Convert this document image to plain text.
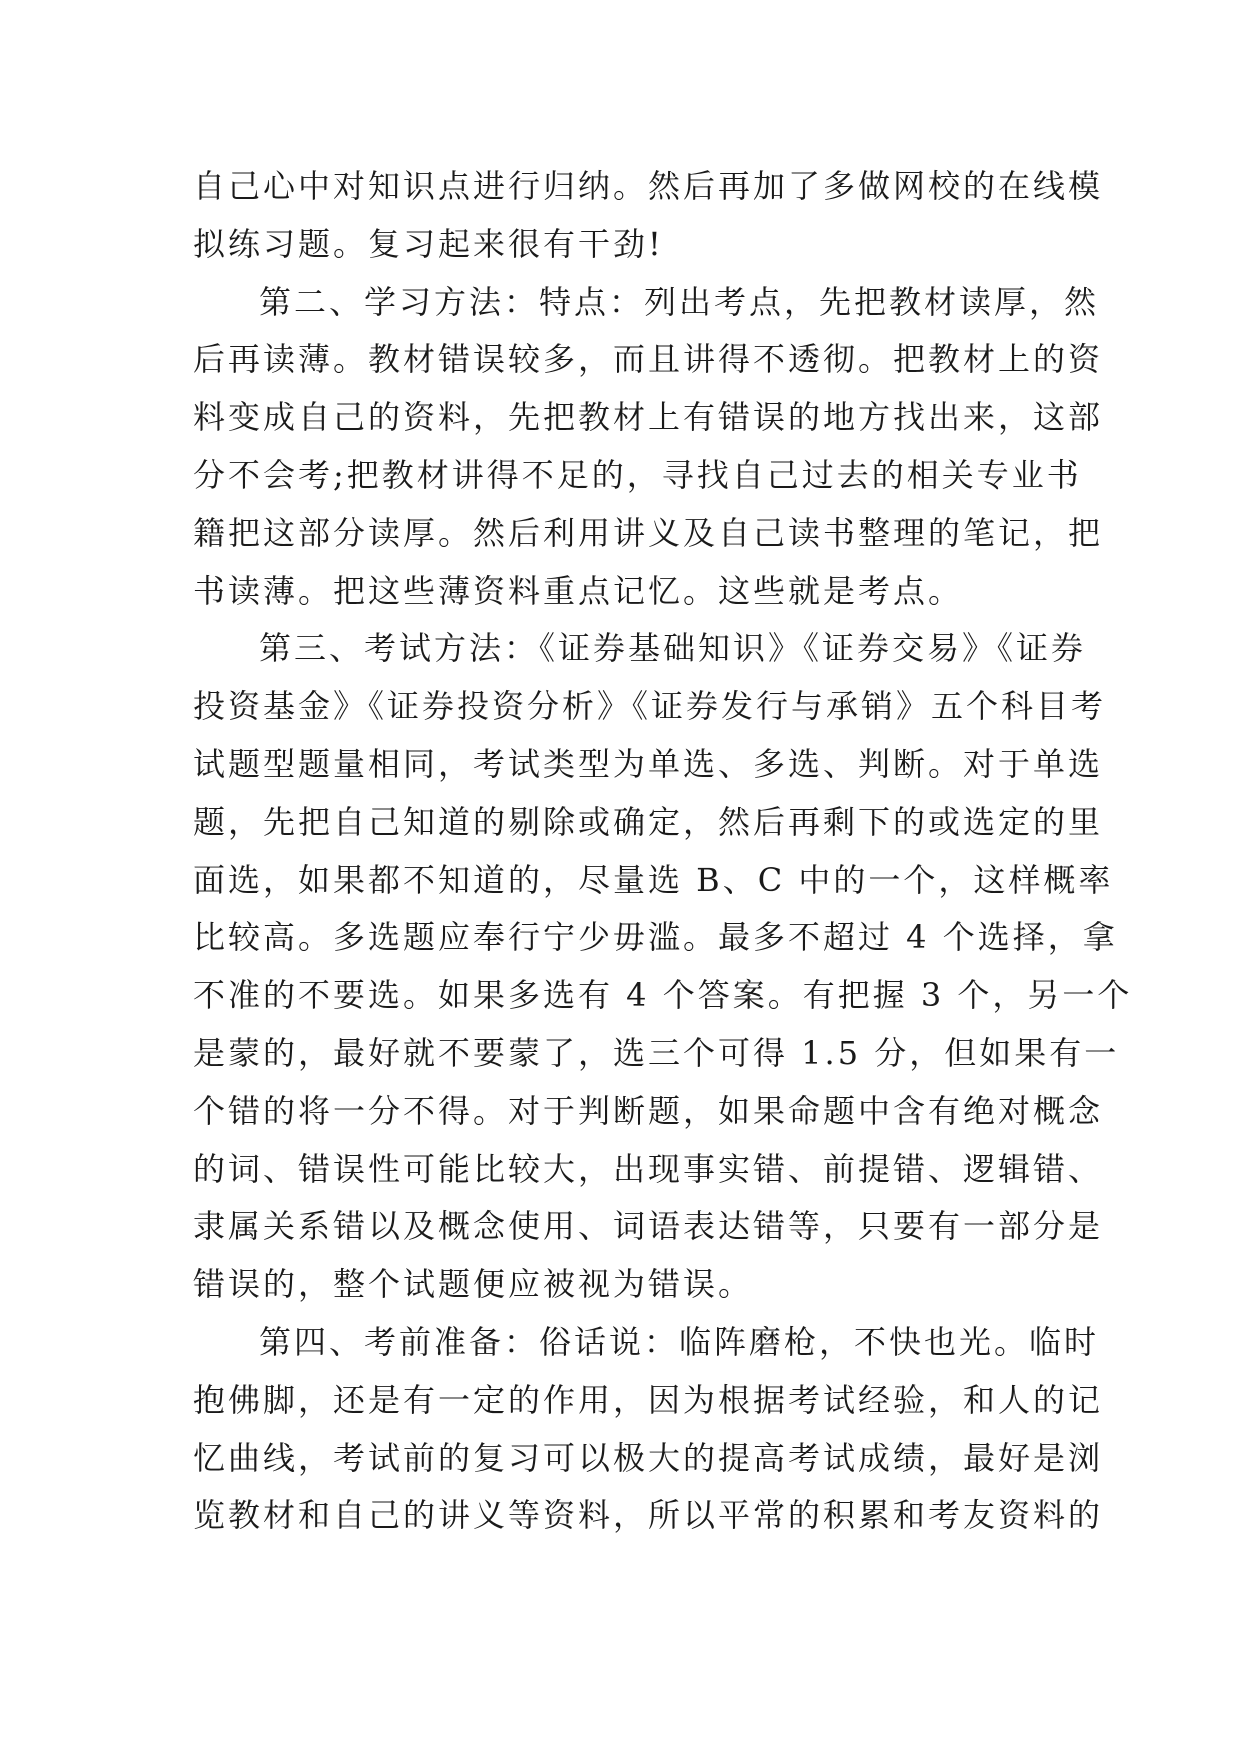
自己心中对知识点进行归纳。然后再加了多做网校的在线模
拟练习题。复习起来很有干劲!
第二、学习方法：特点：列出考点，先把教材读厚，然
后再读薄。教材错误较多，而且讲得不透彻。把教材上的资
料变成自己的资料，先把教材上有错误的地方找出来，这部
分不会考;把教材讲得不足的，寻找自己过去的相关专业书
籍把这部分读厚。然后利用讲义及自己读书整理的笔记，把
书读薄。把这些薄资料重点记忆。这些就是考点。
第三、考试方法：《证券基础知识》《证券交易》《证券
投资基金》《证券投资分析》《证券发行与承销》五个科目考
试题型题量相同，考试类型为单选、多选、判断。对于单选
题，先把自己知道的剔除或确定，然后再剩下的或选定的里
面选，如果都不知道的，尽量选 B、C 中的一个，这样概率
比较高。多选题应奉行宁少毋滥。最多不超过 4 个选择，拿
不准的不要选。如果多选有 4 个答案。有把握 3 个，另一个
是蒙的，最好就不要蒙了，选三个可得 1.5 分，但如果有一
个错的将一分不得。对于判断题，如果命题中含有绝对概念
的词、错误性可能比较大，出现事实错、前提错、逻辑错、
隶属关系错以及概念使用、词语表达错等，只要有一部分是
错误的，整个试题便应被视为错误。
第四、考前准备：俗话说：临阵磨枪，不快也光。临时
抱佛脚，还是有一定的作用，因为根据考试经验，和人的记
忆曲线，考试前的复习可以极大的提高考试成绩，最好是浏
览教材和自己的讲义等资料，所以平常的积累和考友资料的
